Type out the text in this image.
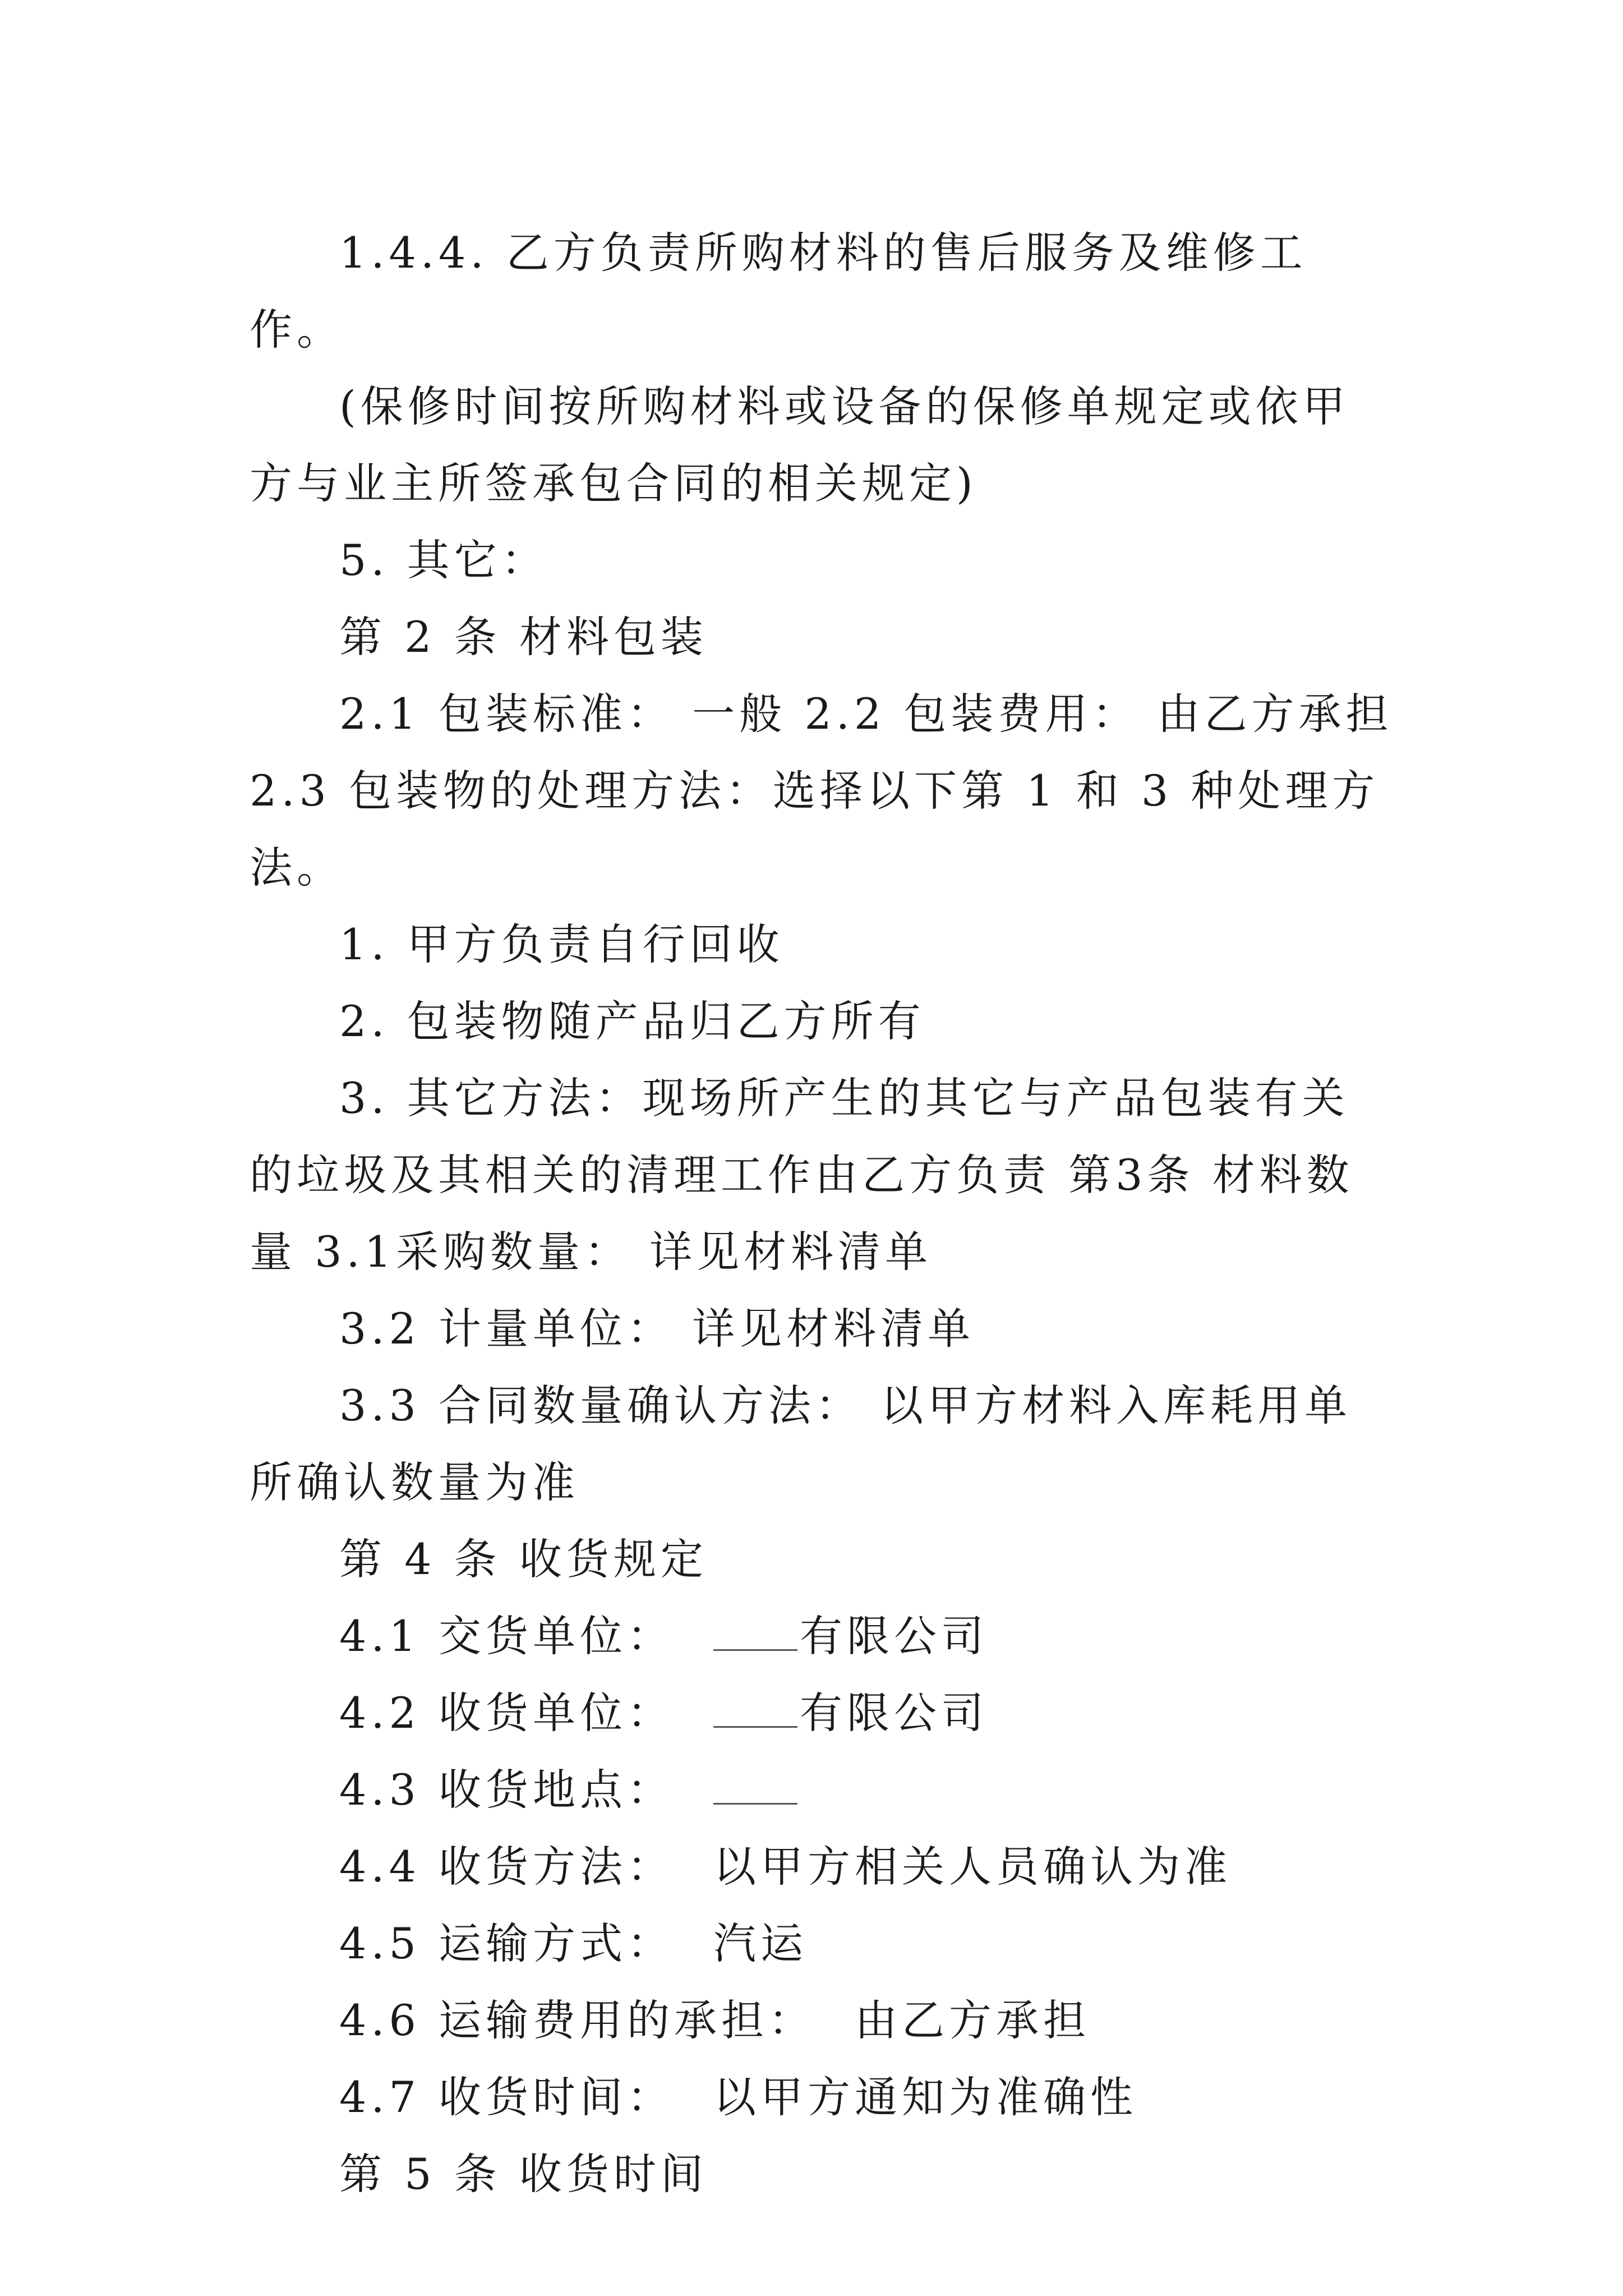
1.4.4. 乙方负责所购材料的售后服务及维修工作。

(保修时间按所购材料或设备的保修单规定或依甲方与业主所签承包合同的相关规定)

5. 其它：

第 2 条 材料包装

2.1 包装标准： 一般 2.2 包装费用： 由乙方承担 2.3 包装物的处理方法：选择以下第 1 和 3 种处理方法。

1. 甲方负责自行回收

2. 包装物随产品归乙方所有

3. 其它方法：现场所产生的其它与产品包装有关的垃圾及其相关的清理工作由乙方负责 第3条 材料数量 3.1采购数量： 详见材料清单

3.2 计量单位： 详见材料清单

3.3 合同数量确认方法： 以甲方材料入库耗用单所确认数量为准

第 4 条 收货规定

4.1 交货单位：	有限公司

4.2 收货单位：	有限公司

4.3 收货地点：

4.4 收货方法： 以甲方相关人员确认为准

4.5 运输方式： 汽运

4.6 运输费用的承担： 由乙方承担

4.7 收货时间： 以甲方通知为准确性

第 5 条 收货时间
